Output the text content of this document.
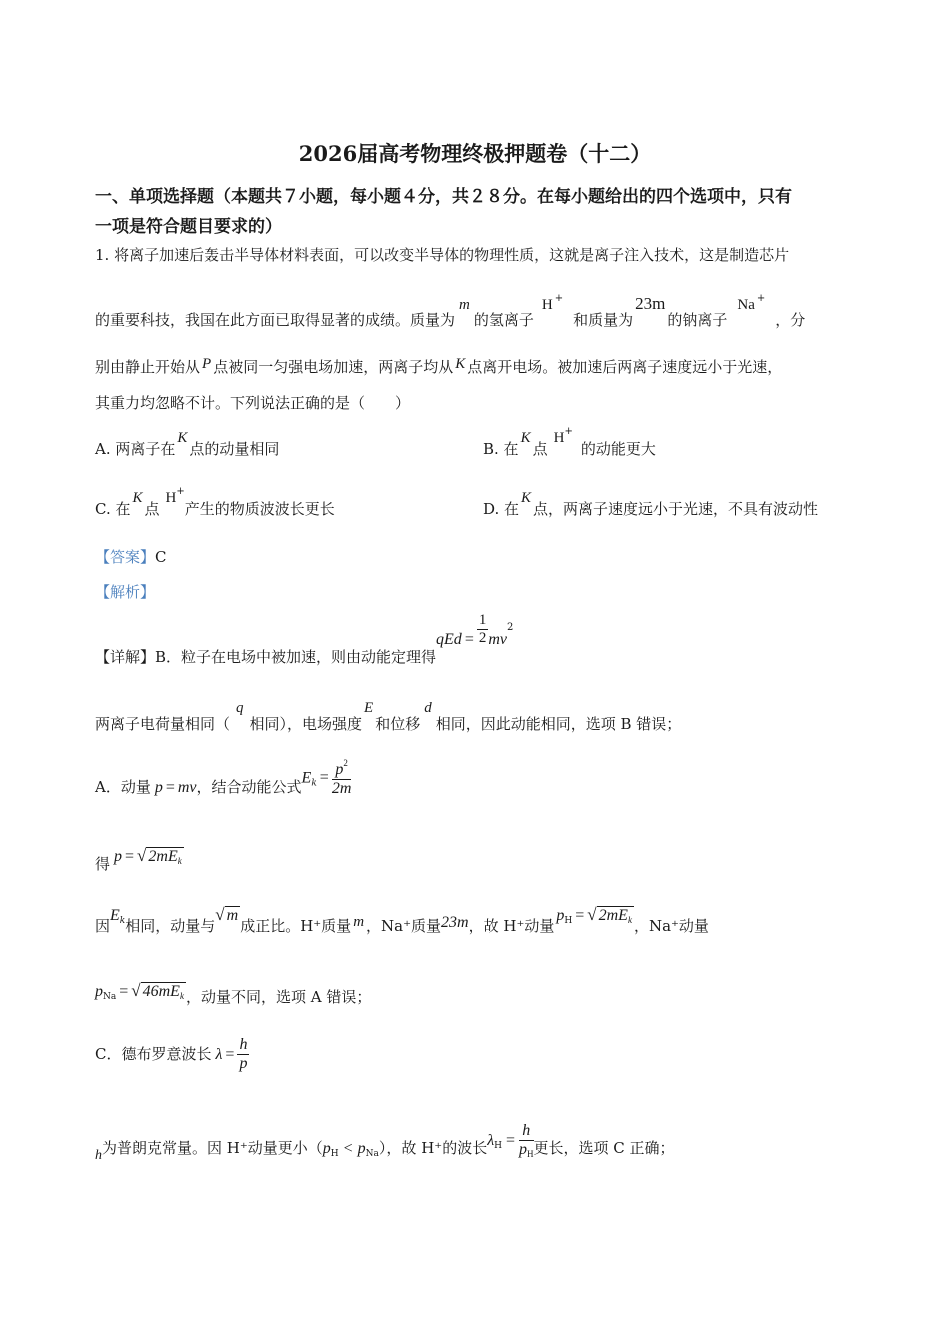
2026届高考物理终极押题卷（十二）
一、单项选择题（本题共７小题，每小题４分，共２８分。在每小题给出的四个选项中，只有
一项是符合题目要求的）
1. 将离子加速后轰击半导体材料表面，可以改变半导体的物理性质，这就是离子注入技术，这是制造芯片
的重要科技，我国在此方面已取得显著的成绩。质量为m的氢离子H +和质量为23m的钠离子Na +，分
别由静止开始从 P 点被同一匀强电场加速，两离子均从 K 点离开电场。被加速后两离子速度远小于光速，
其重力均忽略不计。下列说法正确的是（　　）
A. 两离子在K点的动量相同	B. 在K点H+的动能更大
C. 在K点H+产生的物质波波长更长	D. 在K点，两离子速度远小于光速，不具有波动性
【答案】C
【解析】
【详解】B．粒子在电场中被加速，则由动能定理得qEd = $\frac{1}{2} mv^2$
两离子电荷量相同（q相同），电场强度E和位移d相同，因此动能相同，选项 B 错误；
A．动量 p = mv，结合动能公式$E_k = \frac{p^2}{2m}$
得 p = √ $2mE_k$
因$E_k$相同，动量与√ m成正比。H⁺质量 m ，Na⁺质量23m，故 H⁺动量$p_H$ = √ $2mE_k$ ，Na⁺动量
$p_{Na}$ = √ $46mE_k$ ，动量不同，选项 A 错误；
C．德布罗意波长 $\lambda = \frac{h}{p}$
h为普朗克常量。因 H⁺动量更小$(p_H < p_{Na})$，故 H⁺的波长$\lambda_H = \frac{h}{pH}$ 更长，选项 C 正确；
